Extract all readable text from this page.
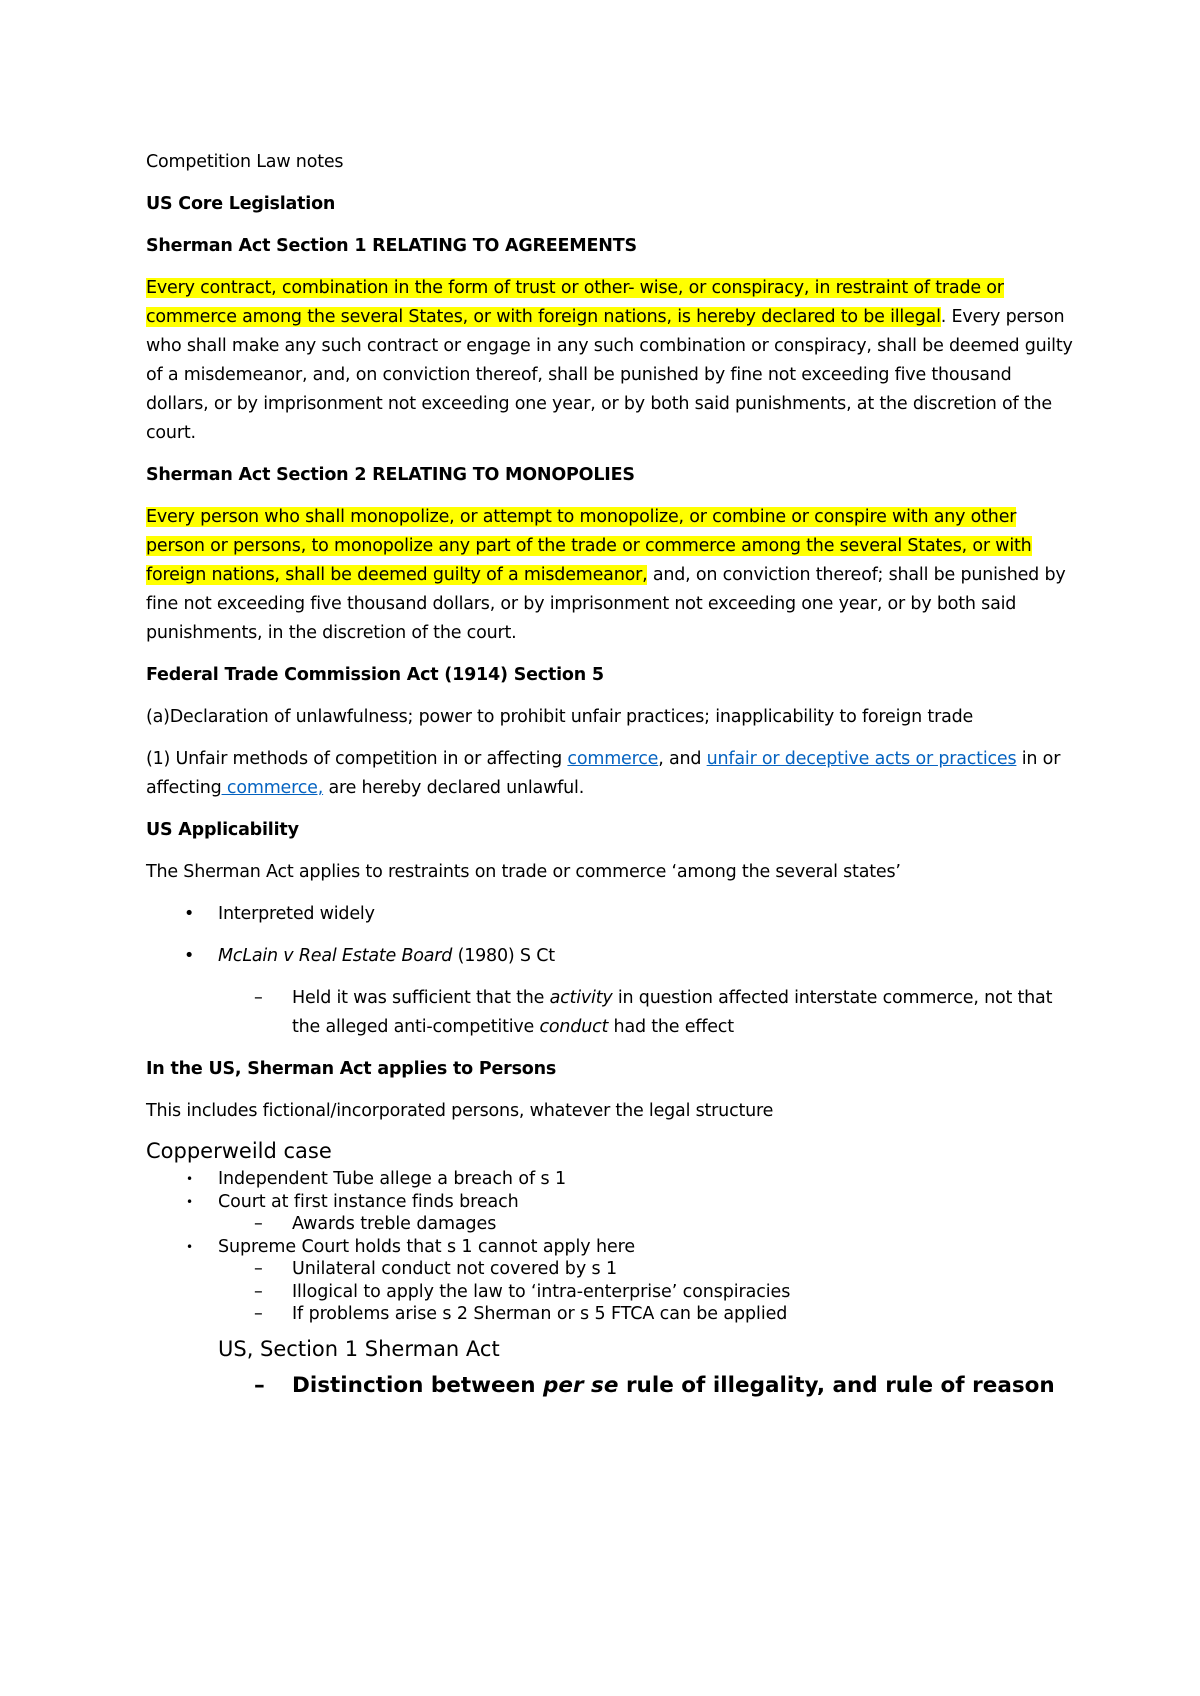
Competition Law notes

US Core Legislation

Sherman Act Section 1 RELATING TO AGREEMENTS

Every contract, combination in the form of trust or other- wise, or conspiracy, in restraint of trade or commerce among the several States, or with foreign nations, is hereby declared to be illegal. Every person who shall make any such contract or engage in any such combination or conspiracy, shall be deemed guilty of a misdemeanor, and, on conviction thereof, shall be punished by fine not exceeding five thousand dollars, or by imprisonment not exceeding one year, or by both said punishments, at the discretion of the court.

Sherman Act Section 2 RELATING TO MONOPOLIES

Every person who shall monopolize, or attempt to monopolize, or combine or conspire with any other person or persons, to monopolize any part of the trade or commerce among the several States, or with foreign nations, shall be deemed guilty of a misdemeanor, and, on conviction thereof; shall be punished by fine not exceeding five thousand dollars, or by imprisonment not exceeding one year, or by both said punishments, in the discretion of the court.

Federal Trade Commission Act (1914) Section 5

(a)Declaration of unlawfulness; power to prohibit unfair practices; inapplicability to foreign trade

(1) Unfair methods of competition in or affecting commerce, and unfair or deceptive acts or practices in or affecting commerce, are hereby declared unlawful.

US Applicability

The Sherman Act applies to restraints on trade or commerce ‘among the several states’

• Interpreted widely

• McLain v Real Estate Board (1980) S Ct

– Held it was sufficient that the activity in question affected interstate commerce, not that the alleged anti-competitive conduct had the effect

In the US, Sherman Act applies to Persons

This includes fictional/incorporated persons, whatever the legal structure

Copperweild case

• Independent Tube allege a breach of s 1

• Court at first instance finds breach

– Awards treble damages

• Supreme Court holds that s 1 cannot apply here

– Unilateral conduct not covered by s 1

– Illogical to apply the law to ‘intra-enterprise’ conspiracies

– If problems arise s 2 Sherman or s 5 FTCA can be applied

US, Section 1 Sherman Act

– Distinction between per se rule of illegality, and rule of reason
